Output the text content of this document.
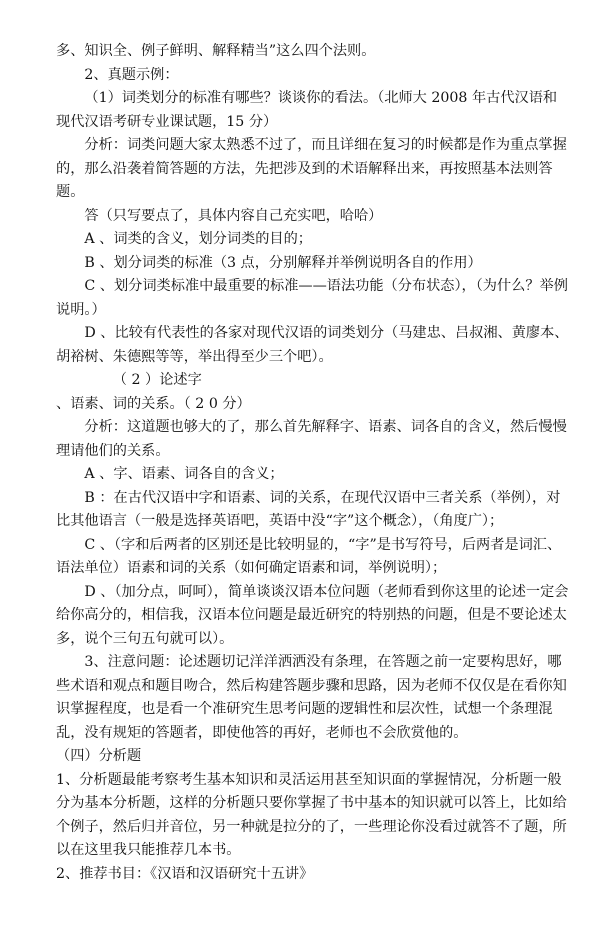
多、知识全、例子鲜明、解释精当”这么四个法则。

2、真题示例：

（1）词类划分的标准有哪些？谈谈你的看法。（北师大 2008 年古代汉语和现代汉语考研专业课试题，15 分）

分析：词类问题大家太熟悉不过了，而且详细在复习的时候都是作为重点掌握的，那么沿袭着简答题的方法，先把涉及到的术语解释出来，再按照基本法则答题。

答（只写要点了，具体内容自己充实吧，哈哈）

A 、词类的含义，划分词类的目的；

B 、划分词类的标准（3 点，分别解释并举例说明各自的作用）

C 、划分词类标准中最重要的标准——语法功能（分布状态），（为什么？举例说明。）

D 、比较有代表性的各家对现代汉语的词类划分（马建忠、吕叔湘、黄廖本、胡裕树、朱德熙等等，举出得至少三个吧）。

（ 2 ）论述字

、语素、词的关系。（ 2 0 分）

分析：这道题也够大的了，那么首先解释字、语素、词各自的含义，然后慢慢理请他们的关系。

A 、字、语素、词各自的含义；

B ：在古代汉语中字和语素、词的关系，在现代汉语中三者关系（举例），对比其他语言（一般是选择英语吧，英语中没“字”这个概念），（角度广）；

C 、（字和后两者的区别还是比较明显的，“字”是书写符号，后两者是词汇、语法单位）语素和词的关系（如何确定语素和词，举例说明）；

D 、（加分点，呵呵），简单谈谈汉语本位问题（老师看到你这里的论述一定会给你高分的，相信我，汉语本位问题是最近研究的特别热的问题，但是不要论述太多，说个三句五句就可以）。

3、注意问题：论述题切记洋洋洒洒没有条理，在答题之前一定要构思好，哪些术语和观点和题目吻合，然后构建答题步骤和思路，因为老师不仅仅是在看你知识掌握程度，也是看一个准研究生思考问题的逻辑性和层次性，试想一个条理混乱，没有规矩的答题者，即使他答的再好，老师也不会欣赏他的。

（四）分析题

1、分析题最能考察考生基本知识和灵活运用甚至知识面的掌握情况，分析题一般分为基本分析题，这样的分析题只要你掌握了书中基本的知识就可以答上，比如给个例子，然后归并音位，另一种就是拉分的了，一些理论你没看过就答不了题，所以在这里我只能推荐几本书。

2、推荐书目：《汉语和汉语研究十五讲》
